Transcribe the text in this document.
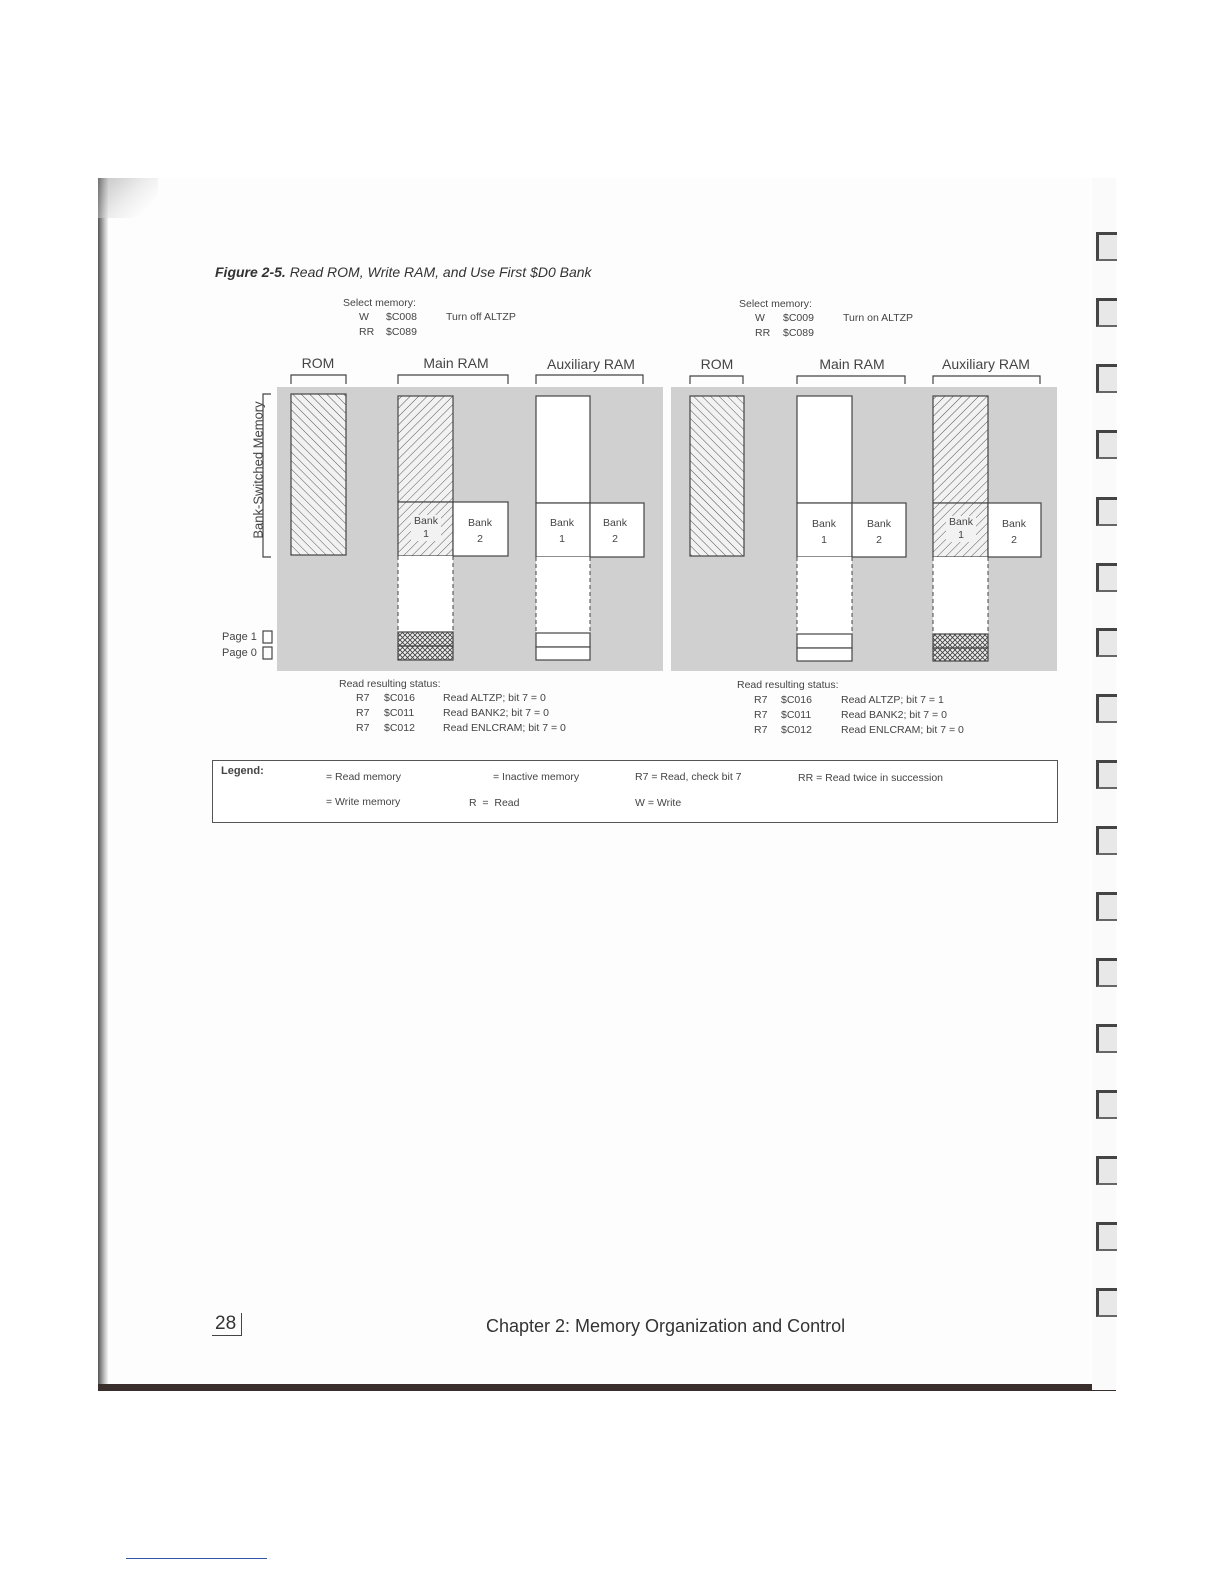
Figure 2-5. Read ROM, Write RAM, and Use First $D0 Bank
Select memory:
W $C008	Turn off ALTZP
RR $C089
Select memory:
W $C009	Turn on ALTZP
RR $C089
ROM	Main RAM	Auxiliary RAM	ROM	Main RAM	Auxiliary RAM
Bank-Switched Memory
Page 1
Page 0
Bank
1
Bank
2
Bank
1
Bank
2
Bank
1
Bank
2
Bank
1
Bank
2
Read resulting status:
R7 $C016	Read ALTZP; bit 7 = 0
R7 $C011	Read BANK2; bit 7 = 0
R7 $C012	Read ENLCRAM; bit 7 = 0
Read resulting status:
R7 $C016	Read ALTZP; bit 7 = 1
R7 $C011	Read BANK2; bit 7 = 0
R7 $C012	Read ENLCRAM; bit 7 = 0
Legend:	= Read memory
= Write memory
= Inactive memory
R  =  Read
R7 = Read, check bit 7
W = Write
RR = Read twice in succession
28	Chapter 2: Memory Organization and Control
